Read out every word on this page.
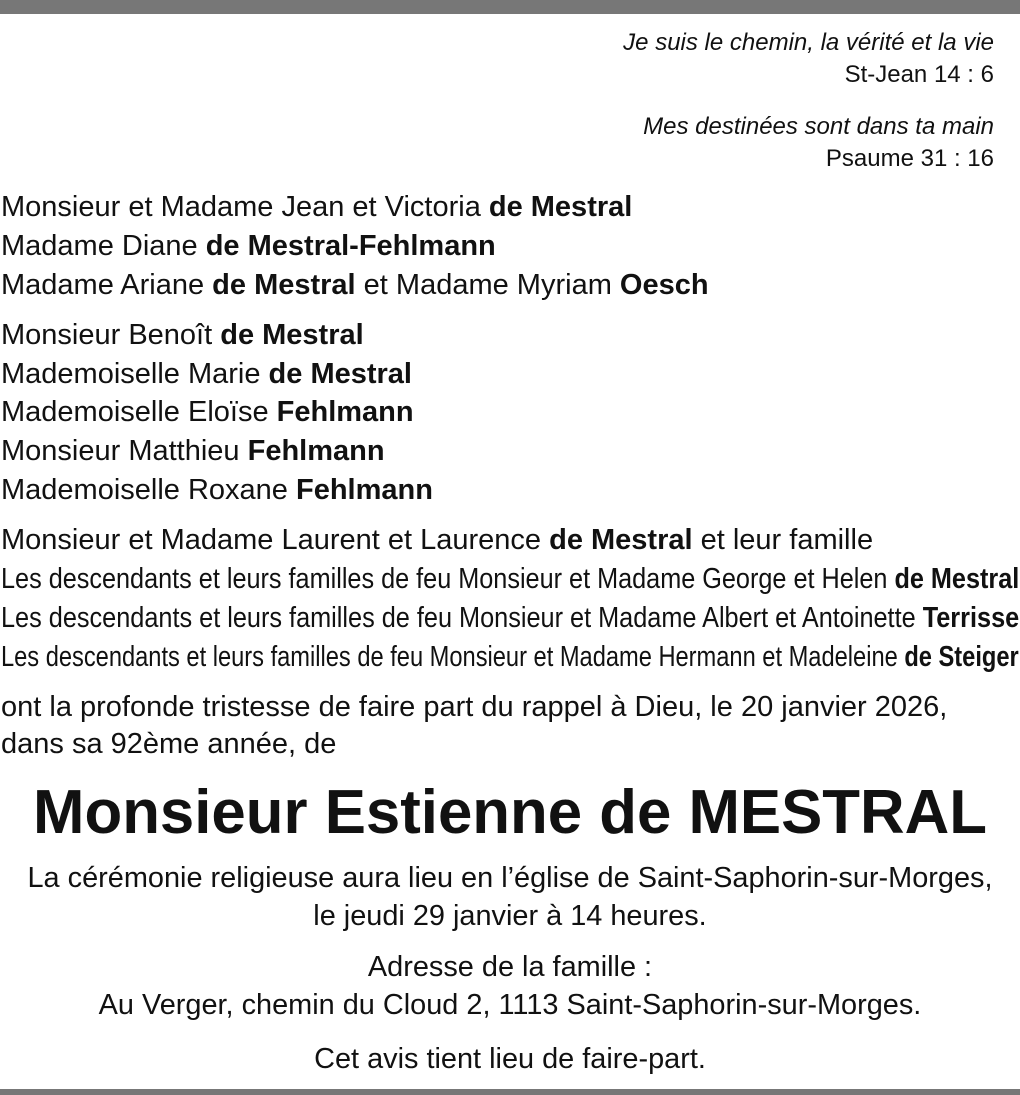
Je suis le chemin, la vérité et la vie
St-Jean 14 : 6
Mes destinées sont dans ta main
Psaume 31 : 16
Monsieur et Madame Jean et Victoria de Mestral
Madame Diane de Mestral-Fehlmann
Madame Ariane de Mestral et Madame Myriam Oesch
Monsieur Benoît de Mestral
Mademoiselle Marie de Mestral
Mademoiselle Eloïse Fehlmann
Monsieur Matthieu Fehlmann
Mademoiselle Roxane Fehlmann
Monsieur et Madame Laurent et Laurence de Mestral et leur famille
Les descendants et leurs familles de feu Monsieur et Madame George et Helen de Mestral
Les descendants et leurs familles de feu Monsieur et Madame Albert et Antoinette Terrisse
Les descendants et leurs familles de feu Monsieur et Madame Hermann et Madeleine de Steiger
ont la profonde tristesse de faire part du rappel à Dieu, le 20 janvier 2026,
dans sa 92ème année, de
Monsieur Estienne de MESTRAL
La cérémonie religieuse aura lieu en l’église de Saint-Saphorin-sur-Morges,
le jeudi 29 janvier à 14 heures.
Adresse de la famille :
Au Verger, chemin du Cloud 2, 1113 Saint-Saphorin-sur-Morges.
Cet avis tient lieu de faire-part.
